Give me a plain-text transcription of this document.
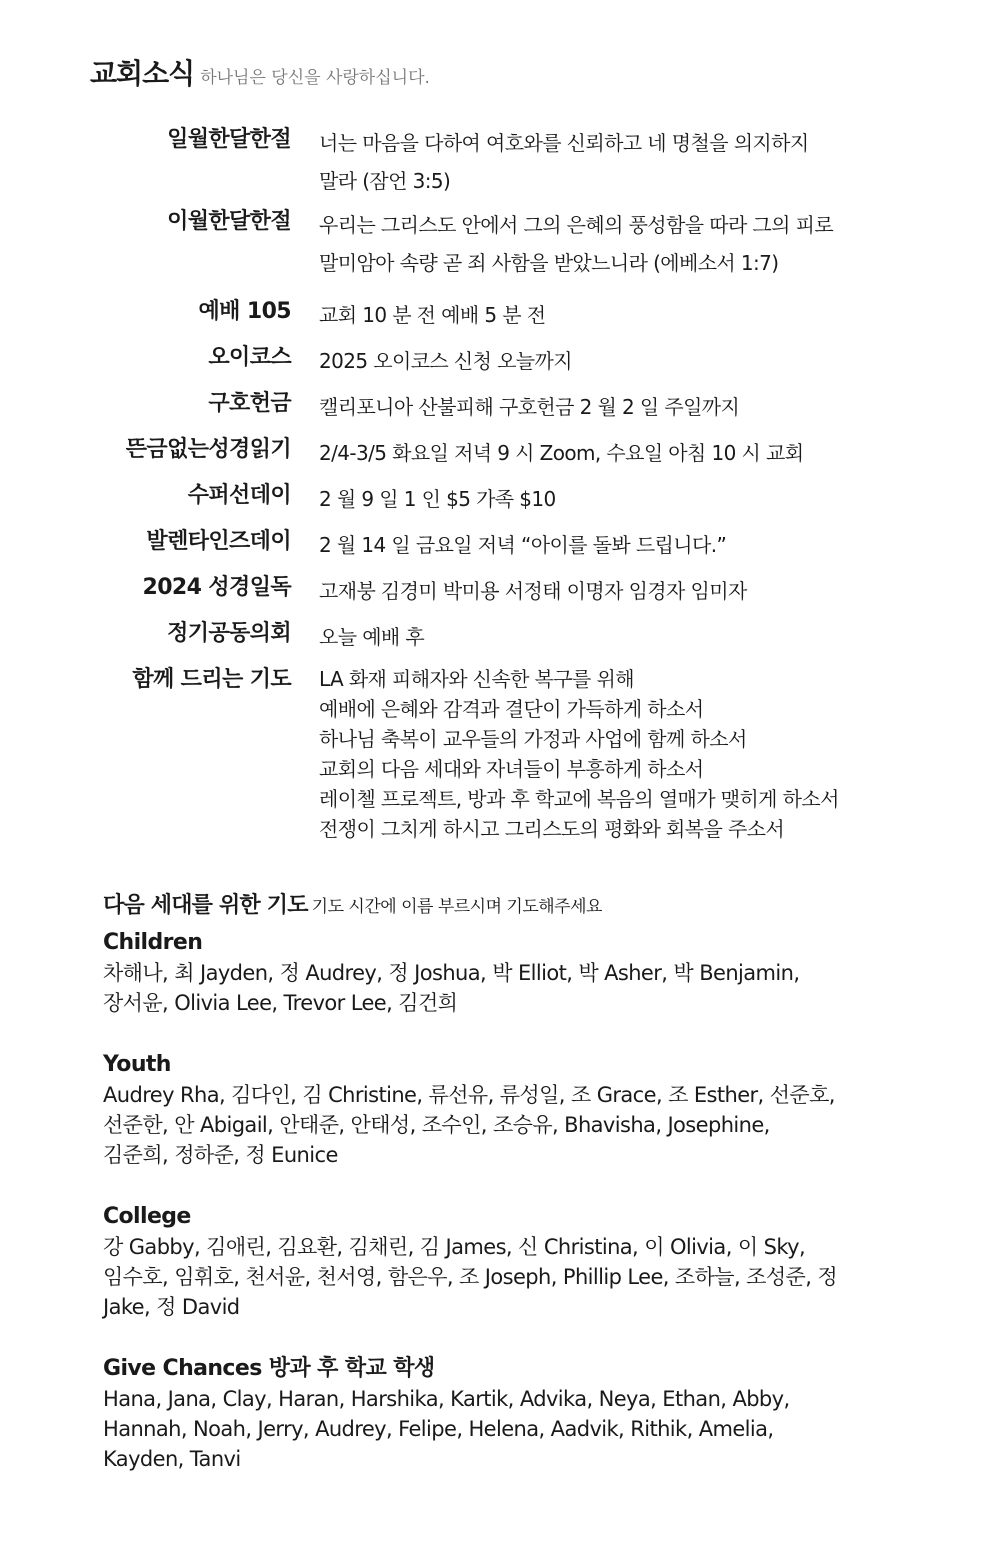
교회소식 하나님은 당신을 사랑하십니다.
일월한달한절 너는 마음을 다하여 여호와를 신뢰하고 네 명철을 의지하지
말라 (잠언 3:5)
이월한달한절 우리는 그리스도 안에서 그의 은혜의 풍성함을 따라 그의 피로
말미암아 속량 곧 죄 사함을 받았느니라 (에베소서 1:7)
예배 105 교회 10 분 전 예배 5 분 전
오이코스 2025 오이코스 신청 오늘까지
구호헌금 캘리포니아 산불피해 구호헌금 2 월 2 일 주일까지
뜬금없는성경읽기 2/4-3/5 화요일 저녁 9 시 Zoom, 수요일 아침 10 시 교회
수퍼선데이 2 월 9 일 1 인 $5 가족 $10
발렌타인즈데이 2 월 14 일 금요일 저녁 “아이를 돌봐 드립니다.”
2024 성경일독 고재붕 김경미 박미용 서정태 이명자 임경자 임미자
정기공동의회 오늘 예배 후
함께 드리는 기도 LA 화재 피해자와 신속한 복구를 위해
예배에 은혜와 감격과 결단이 가득하게 하소서
하나님 축복이 교우들의 가정과 사업에 함께 하소서
교회의 다음 세대와 자녀들이 부흥하게 하소서
레이첼 프로젝트, 방과 후 학교에 복음의 열매가 맺히게 하소서
전쟁이 그치게 하시고 그리스도의 평화와 회복을 주소서
다음 세대를 위한 기도 기도 시간에 이름 부르시며 기도해주세요
Children
차해나, 최 Jayden, 정 Audrey, 정 Joshua, 박 Elliot, 박 Asher, 박 Benjamin,
장서윤, Olivia Lee, Trevor Lee, 김건희
Youth
Audrey Rha, 김다인, 김 Christine, 류선유, 류성일, 조 Grace, 조 Esther, 선준호,
선준한, 안 Abigail, 안태준, 안태성, 조수인, 조승유, Bhavisha, Josephine,
김준희, 정하준, 정 Eunice
College
강 Gabby, 김애린, 김요환, 김채린, 김 James, 신 Christina, 이 Olivia, 이 Sky,
임수호, 임휘호, 천서윤, 천서영, 함은우, 조 Joseph, Phillip Lee, 조하늘, 조성준, 정
Jake, 정 David
Give Chances 방과 후 학교 학생
Hana, Jana, Clay, Haran, Harshika, Kartik, Advika, Neya, Ethan, Abby,
Hannah, Noah, Jerry, Audrey, Felipe, Helena, Aadvik, Rithik, Amelia,
Kayden, Tanvi
